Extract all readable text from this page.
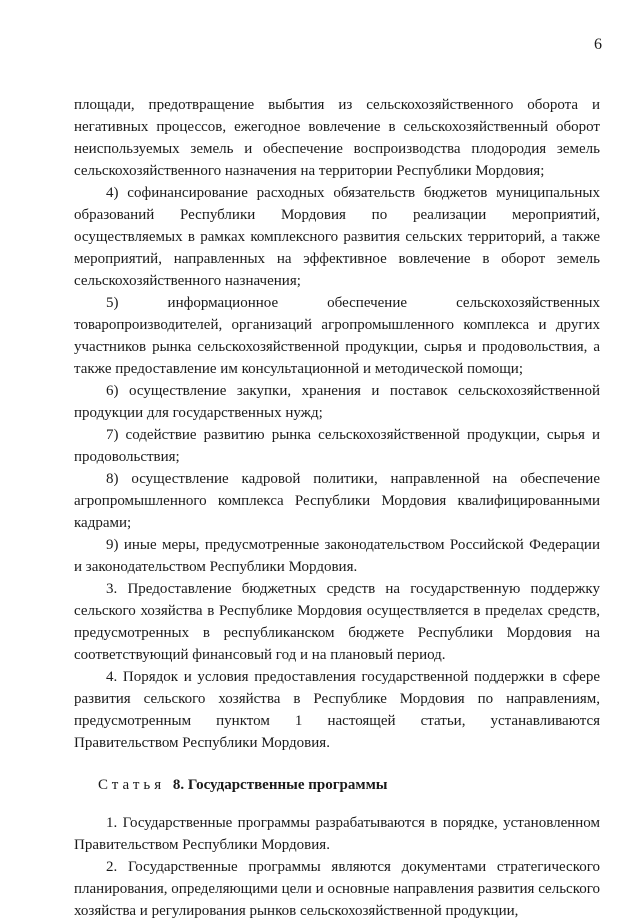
6

площади, предотвращение выбытия из сельскохозяйственного оборота и негативных процессов, ежегодное вовлечение в сельскохозяйственный оборот неиспользуемых земель и обеспечение воспроизводства плодородия земель сельскохозяйственного назначения на территории Республики Мордовия;

4) софинансирование расходных обязательств бюджетов муниципальных образований Республики Мордовия по реализации мероприятий, осуществляемых в рамках комплексного развития сельских территорий, а также мероприятий, направленных на эффективное вовлечение в оборот земель сельскохозяйственного назначения;

5) информационное обеспечение сельскохозяйственных товаропроизводителей, организаций агропромышленного комплекса и других участников рынка сельскохозяйственной продукции, сырья и продовольствия, а также предоставление им консультационной и методической помощи;

6) осуществление закупки, хранения и поставок сельскохозяйственной продукции для государственных нужд;

7) содействие развитию рынка сельскохозяйственной продукции, сырья и продовольствия;

8) осуществление кадровой политики, направленной на обеспечение агропромышленного комплекса Республики Мордовия квалифицированными кадрами;

9) иные меры, предусмотренные законодательством Российской Федерации и законодательством Республики Мордовия.

3. Предоставление бюджетных средств на государственную поддержку сельского хозяйства в Республике Мордовия осуществляется в пределах средств, предусмотренных в республиканском бюджете Республики Мордовия на соответствующий финансовый год и на плановый период.

4. Порядок и условия предоставления государственной поддержки в сфере развития сельского хозяйства в Республике Мордовия по направлениям, предусмотренным пунктом 1 настоящей статьи, устанавливаются Правительством Республики Мордовия.

Статья 8. Государственные программы

1. Государственные программы разрабатываются в порядке, установленном Правительством Республики Мордовия.

2. Государственные программы являются документами стратегического планирования, определяющими цели и основные направления развития сельского хозяйства и регулирования рынков сельскохозяйственной продукции,
